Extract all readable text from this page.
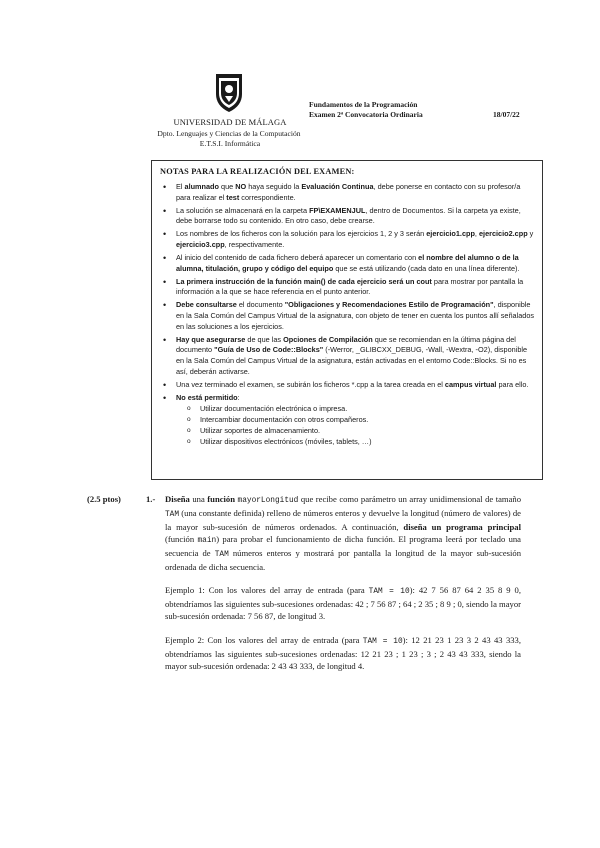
UNIVERSIDAD DE MÁLAGA
Dpto. Lenguajes y Ciencias de la Computación
E.T.S.I. Informática
Fundamentos de la Programación
Examen 2ª Convocatoria Ordinaria	18/07/22
NOTAS PARA LA REALIZACIÓN DEL EXAMEN:
• El alumnado que NO haya seguido la Evaluación Continua, debe ponerse en contacto con su profesor/a para realizar el test correspondiente.
• La solución se almacenará en la carpeta FP\EXAMENJUL, dentro de Documentos. Si la carpeta ya existe, debe borrarse todo su contenido. En otro caso, debe crearse.
• Los nombres de los ficheros con la solución para los ejercicios 1, 2 y 3 serán ejercicio1.cpp, ejercicio2.cpp y ejercicio3.cpp, respectivamente.
• Al inicio del contenido de cada fichero deberá aparecer un comentario con el nombre del alumno o de la alumna, titulación, grupo y código del equipo que se está utilizando (cada dato en una línea diferente).
• La primera instrucción de la función main() de cada ejercicio será un cout para mostrar por pantalla la información a la que se hace referencia en el punto anterior.
• Debe consultarse el documento "Obligaciones y Recomendaciones Estilo de Programación", disponible en la Sala Común del Campus Virtual de la asignatura, con objeto de tener en cuenta los puntos allí señalados en las soluciones a los ejercicios.
• Hay que asegurarse de que las Opciones de Compilación que se recomiendan en la última página del documento "Guía de Uso de Code::Blocks" (-Werror, _GLIBCXX_DEBUG, -Wall, -Wextra, -O2), disponible en la Sala Común del Campus Virtual de la asignatura, están activadas en el entorno Code::Blocks. Si no es así, deberán activarse.
• Una vez terminado el examen, se subirán los ficheros *.cpp a la tarea creada en el campus virtual para ello.
• No está permitido:
o Utilizar documentación electrónica o impresa.
o Intercambiar documentación con otros compañeros.
o Utilizar soportes de almacenamiento.
o Utilizar dispositivos electrónicos (móviles, tablets, …)
(2.5 ptos)	1.- Diseña una función mayorLongitud que recibe como parámetro un array unidimensional de tamaño TAM (una constante definida) relleno de números enteros y devuelve la longitud (número de valores) de la mayor sub-sucesión de números ordenados. A continuación, diseña un programa principal (función main) para probar el funcionamiento de dicha función. El programa leerá por teclado una secuencia de TAM números enteros y mostrará por pantalla la longitud de la mayor sub-sucesión ordenada de dicha secuencia.

Ejemplo 1: Con los valores del array de entrada (para TAM = 10): 42 7 56 87 64 2 35 8 9 0, obtendríamos las siguientes sub-sucesiones ordenadas: 42 ; 7 56 87 ; 64 ; 2 35 ; 8 9 ; 0, siendo la mayor sub-sucesión ordenada: 7 56 87, de longitud 3.

Ejemplo 2: Con los valores del array de entrada (para TAM = 10): 12 21 23 1 23 3 2 43 43 333, obtendríamos las siguientes sub-sucesiones ordenadas: 12 21 23 ; 1 23 ; 3 ; 2 43 43 333, siendo la mayor sub-sucesión ordenada: 2 43 43 333, de longitud 4.
